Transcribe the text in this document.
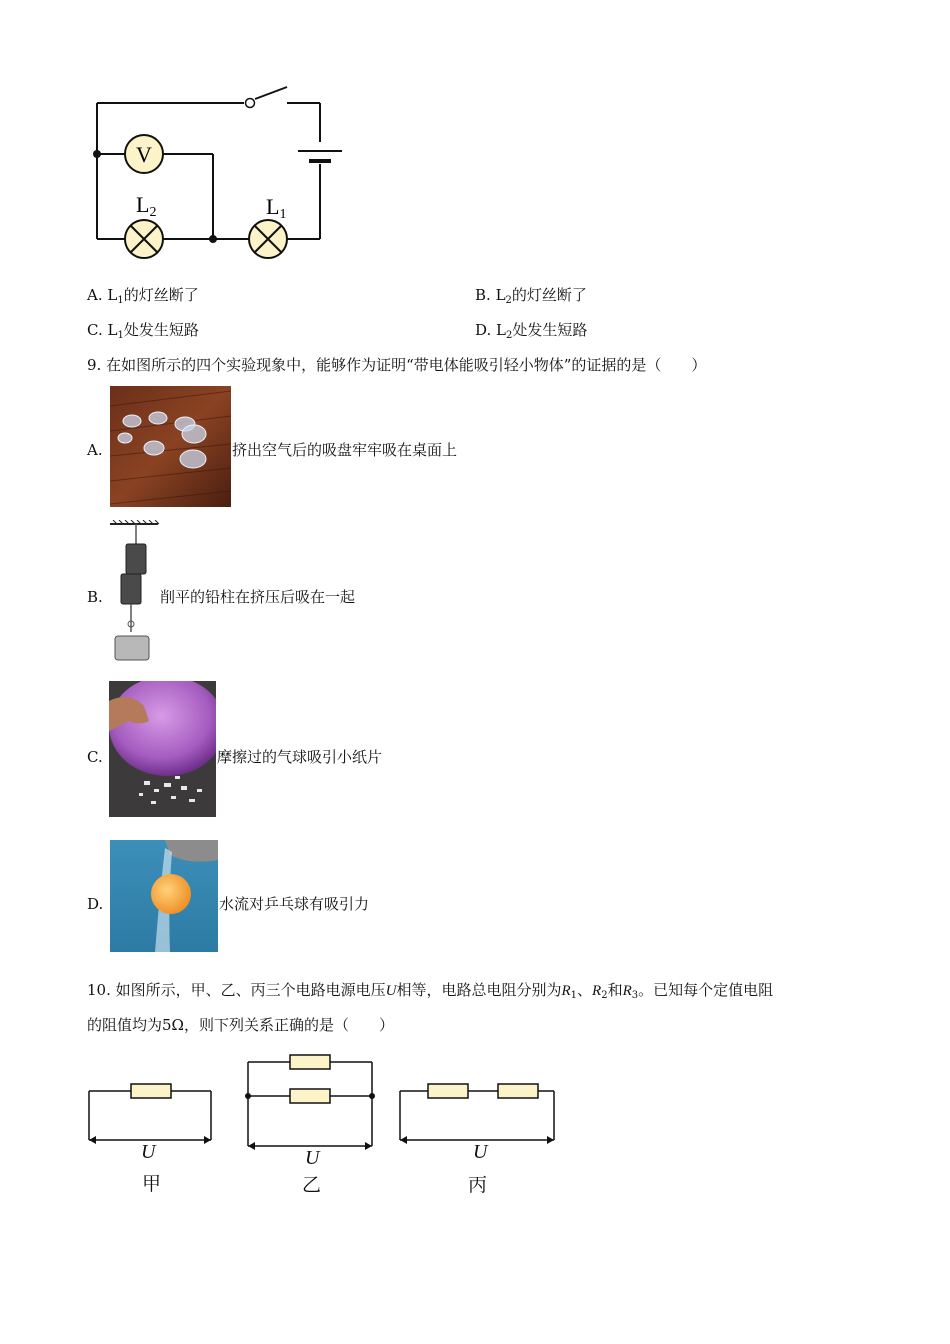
V
L2	L1
A. $L_1$的灯丝断了	B. $L_2$的灯丝断了
C. $L_1$处发生短路	D. $L_2$处发生短路
9. 在如图所示的四个实验现象中，能够作为证明“带电体能吸引轻小物体”的证据的是（　　）
A.	挤出空气后的吸盘牢牢吸在桌面上
B.	削平的铅柱在挤压后吸在一起
C.	摩擦过的气球吸引小纸片
D.	水流对乒乓球有吸引力
10. 如图所示，甲、乙、丙三个电路电源电压U相等，电路总电阻分别为$R_1$、$R_2$和$R_3$。已知每个定值电阻
的阻值均为5Ω，则下列关系正确的是（　　）
U
甲
U
乙
U
丙
